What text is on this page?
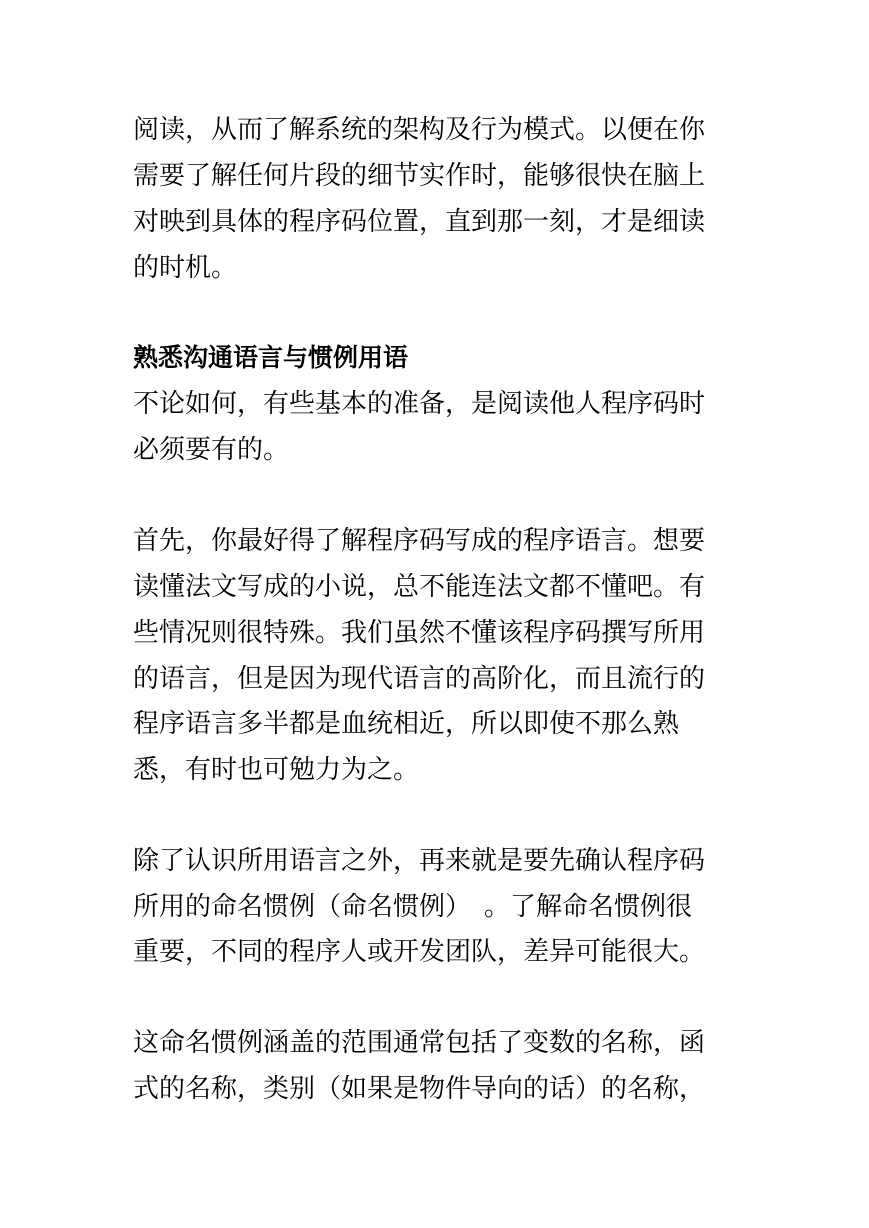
阅读，从而了解系统的架构及行为模式。以便在你
需要了解任何片段的细节实作时，能够很快在脑上
对映到具体的程序码位置，直到那一刻，才是细读
的时机。
熟悉沟通语言与惯例用语
不论如何，有些基本的准备，是阅读他人程序码时
必须要有的。
首先，你最好得了解程序码写成的程序语言。想要
读懂法文写成的小说，总不能连法文都不懂吧。有
些情况则很特殊。我们虽然不懂该程序码撰写所用
的语言，但是因为现代语言的高阶化，而且流行的
程序语言多半都是血统相近，所以即使不那么熟
悉，有时也可勉力为之。
除了认识所用语言之外，再来就是要先确认程序码
所用的命名惯例（命名惯例）　。了解命名惯例很
重要，不同的程序人或开发团队，差异可能很大。
这命名惯例涵盖的范围通常包括了变数的名称，函
式的名称，类别（如果是物件导向的话）的名称，
